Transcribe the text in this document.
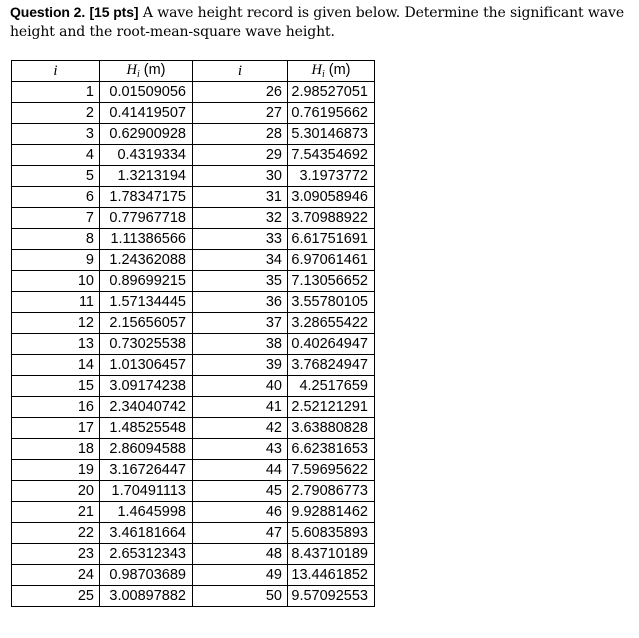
Question 2. [15 pts] A wave height record is given below. Determine the significant wave height and the root-mean-square wave height.
i	$H_i$ (m)	i	$H_i$ (m)
1	0.01509056	26	2.98527051
2	0.41419507	27	0.76195662
3	0.62900928	28	5.30146873
4	0.4319334	29	7.54354692
5	1.3213194	30	3.1973772
6	1.78347175	31	3.09058946
7	0.77967718	32	3.70988922
8	1.11386566	33	6.61751691
9	1.24362088	34	6.97061461
10	0.89699215	35	7.13056652
11	1.57134445	36	3.55780105
12	2.15656057	37	3.28655422
13	0.73025538	38	0.40264947
14	1.01306457	39	3.76824947
15	3.09174238	40	4.2517659
16	2.34040742	41	2.52121291
17	1.48525548	42	3.63880828
18	2.86094588	43	6.62381653
19	3.16726447	44	7.59695622
20	1.70491113	45	2.79086773
21	1.4645998	46	9.92881462
22	3.46181664	47	5.60835893
23	2.65312343	48	8.43710189
24	0.98703689	49	13.4461852
25	3.00897882	50	9.57092553
